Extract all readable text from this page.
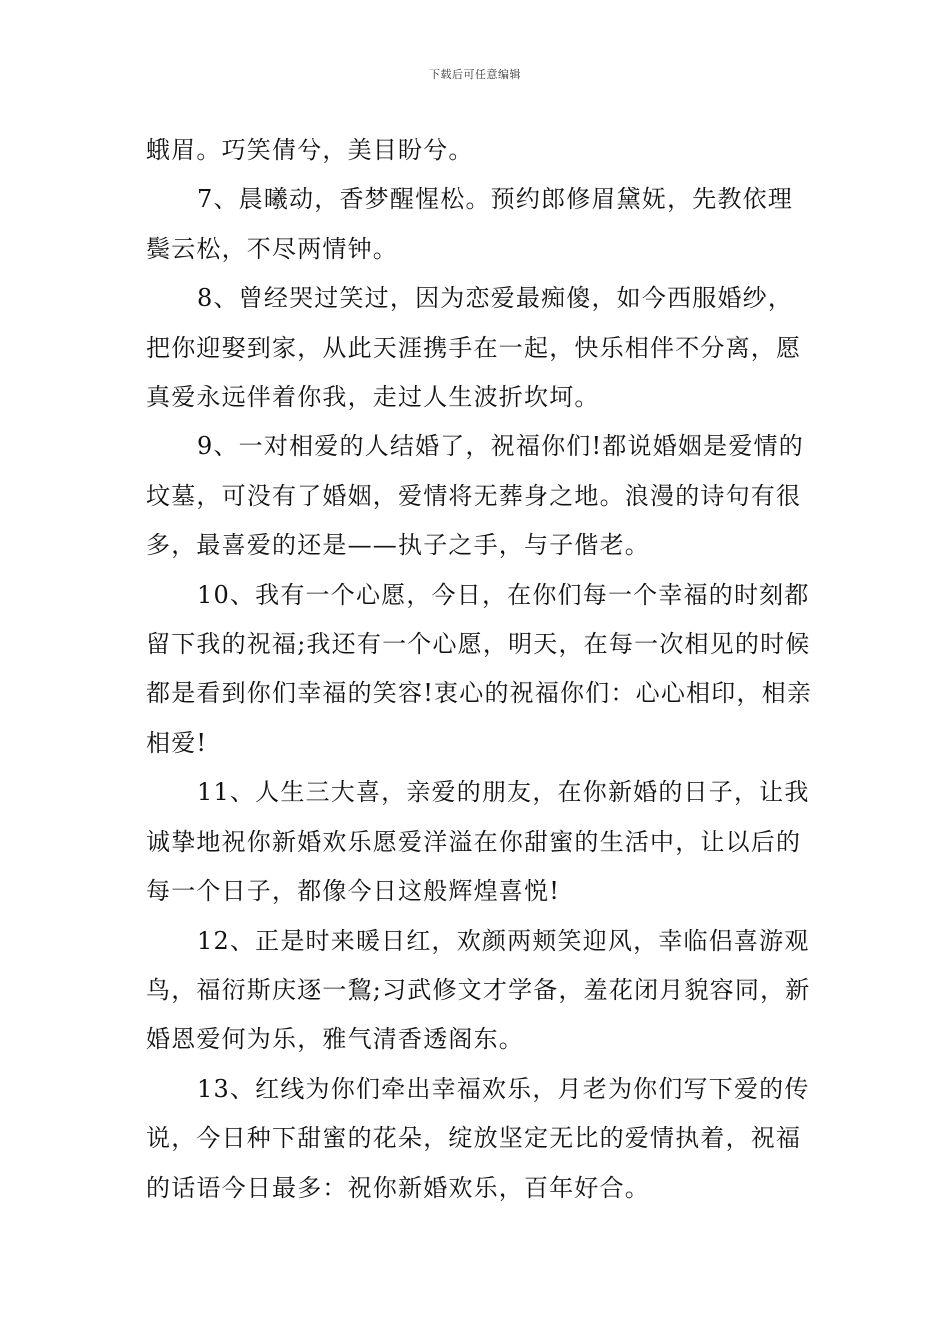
下载后可任意编辑

蛾眉。巧笑倩兮，美目盼兮。

7、晨曦动，香梦醒惺松。预约郎修眉黛妩，先教依理鬓云松，不尽两情钟。

8、曾经哭过笑过，因为恋爱最痴傻，如今西服婚纱，把你迎娶到家，从此天涯携手在一起，快乐相伴不分离，愿真爱永远伴着你我，走过人生波折坎坷。

9、一对相爱的人结婚了，祝福你们!都说婚姻是爱情的坟墓，可没有了婚姻，爱情将无葬身之地。浪漫的诗句有很多，最喜爱的还是——执子之手，与子偕老。

10、我有一个心愿，今日，在你们每一个幸福的时刻都留下我的祝福;我还有一个心愿，明天，在每一次相见的时候都是看到你们幸福的笑容!衷心的祝福你们：心心相印，相亲相爱!

11、人生三大喜，亲爱的朋友，在你新婚的日子，让我诚挚地祝你新婚欢乐愿爱洋溢在你甜蜜的生活中，让以后的每一个日子，都像今日这般辉煌喜悦!

12、正是时来暖日红，欢颜两颊笑迎风，幸临侣喜游观鸟，福衍斯庆逐一鵹;习武修文才学备，羞花闭月貌容同，新婚恩爱何为乐，雅气清香透阁东。

13、红线为你们牵出幸福欢乐，月老为你们写下爱的传说，今日种下甜蜜的花朵，绽放坚定无比的爱情执着，祝福的话语今日最多：祝你新婚欢乐，百年好合。
